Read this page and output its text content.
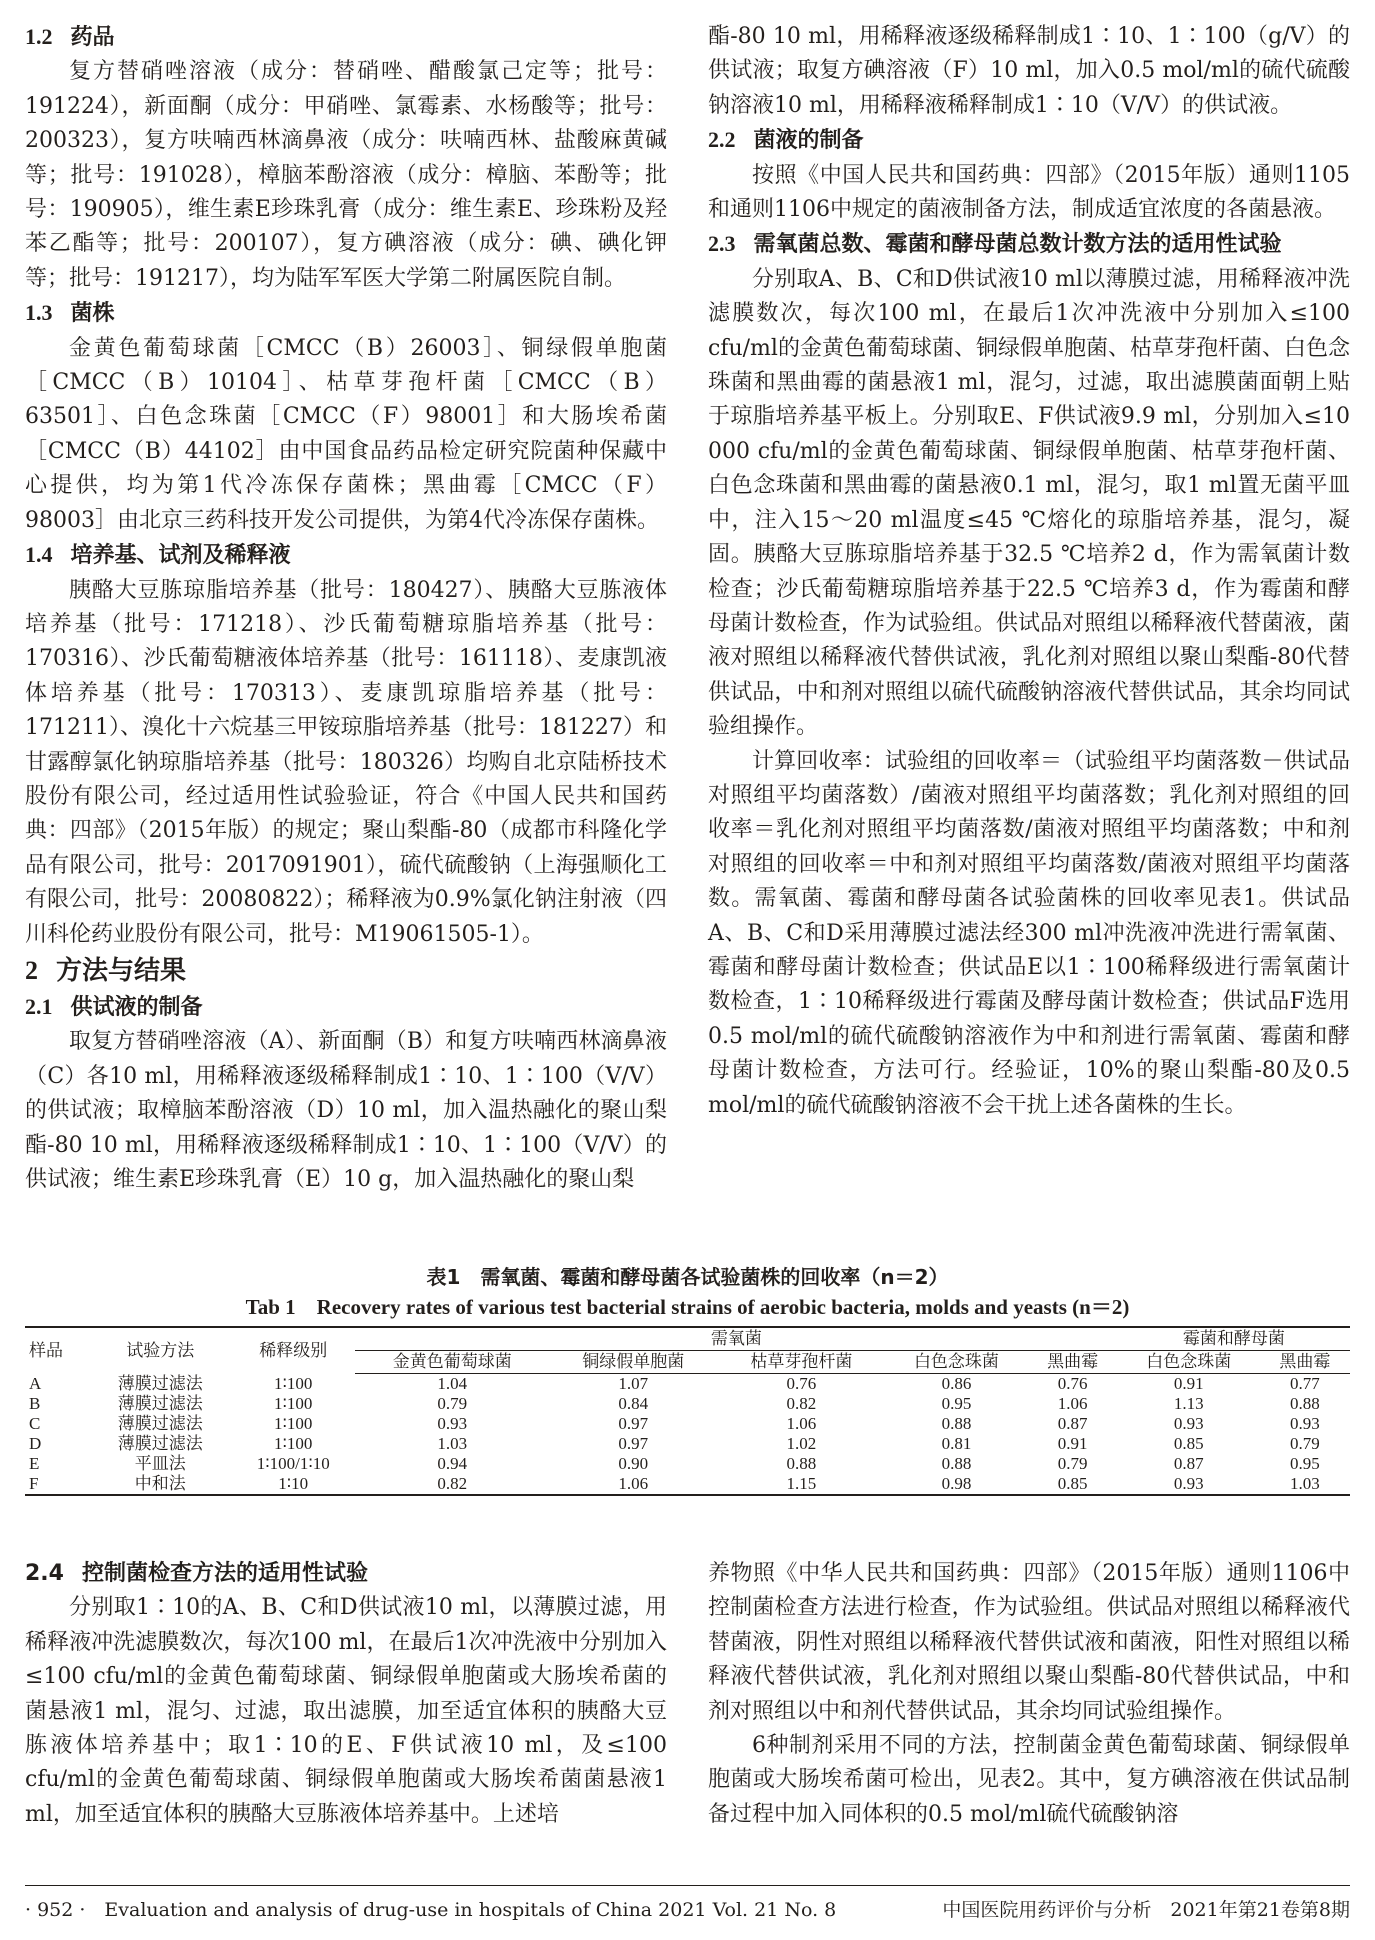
1.2 药品

复方替硝唑溶液（成分：替硝唑、醋酸氯己定等；批号：191224），新面酮（成分：甲硝唑、氯霉素、水杨酸等；批号：200323），复方呋喃西林滴鼻液（成分：呋喃西林、盐酸麻黄碱等；批号：191028），樟脑苯酚溶液（成分：樟脑、苯酚等；批号：190905），维生素E珍珠乳膏（成分：维生素E、珍珠粉及羟苯乙酯等；批号：200107），复方碘溶液（成分：碘、碘化钾等；批号：191217），均为陆军军医大学第二附属医院自制。

1.3 菌株

金黄色葡萄球菌［CMCC（B）26003］、铜绿假单胞菌［CMCC（B）10104］、枯草芽孢杆菌［CMCC（B）63501］、白色念珠菌［CMCC（F）98001］和大肠埃希菌［CMCC（B）44102］由中国食品药品检定研究院菌种保藏中心提供，均为第1代冷冻保存菌株；黑曲霉［CMCC（F）98003］由北京三药科技开发公司提供，为第4代冷冻保存菌株。

1.4 培养基、试剂及稀释液

胰酪大豆胨琼脂培养基（批号：180427）、胰酪大豆胨液体培养基（批号：171218）、沙氏葡萄糖琼脂培养基（批号：170316）、沙氏葡萄糖液体培养基（批号：161118）、麦康凯液体培养基（批号：170313）、麦康凯琼脂培养基（批号：171211）、溴化十六烷基三甲铵琼脂培养基（批号：181227）和甘露醇氯化钠琼脂培养基（批号：180326）均购自北京陆桥技术股份有限公司，经过适用性试验验证，符合《中国人民共和国药典：四部》（2015年版）的规定；聚山梨酯-80（成都市科隆化学品有限公司，批号：2017091901），硫代硫酸钠（上海强顺化工有限公司，批号：20080822）；稀释液为0.9%氯化钠注射液（四川科伦药业股份有限公司，批号：M19061505-1）。

2 方法与结果
2.1 供试液的制备

取复方替硝唑溶液（A）、新面酮（B）和复方呋喃西林滴鼻液（C）各10 ml，用稀释液逐级稀释制成1∶10、1∶100（V/V）的供试液；取樟脑苯酚溶液（D）10 ml，加入温热融化的聚山梨酯-80 10 ml，用稀释液逐级稀释制成1∶10、1∶100（V/V）的供试液；维生素E珍珠乳膏（E）10 g，加入温热融化的聚山梨

酯-80 10 ml，用稀释液逐级稀释制成1∶10、1∶100（g/V）的供试液；取复方碘溶液（F）10 ml，加入0.5 mol/ml的硫代硫酸钠溶液10 ml，用稀释液稀释制成1∶10（V/V）的供试液。

2.2 菌液的制备

按照《中国人民共和国药典：四部》（2015年版）通则1105和通则1106中规定的菌液制备方法，制成适宜浓度的各菌悬液。

2.3 需氧菌总数、霉菌和酵母菌总数计数方法的适用性试验

分别取A、B、C和D供试液10 ml以薄膜过滤，用稀释液冲洗滤膜数次，每次100 ml，在最后1次冲洗液中分别加入≤100 cfu/ml的金黄色葡萄球菌、铜绿假单胞菌、枯草芽孢杆菌、白色念珠菌和黑曲霉的菌悬液1 ml，混匀，过滤，取出滤膜菌面朝上贴于琼脂培养基平板上。分别取E、F供试液9.9 ml，分别加入≤10 000 cfu/ml的金黄色葡萄球菌、铜绿假单胞菌、枯草芽孢杆菌、白色念珠菌和黑曲霉的菌悬液0.1 ml，混匀，取1 ml置无菌平皿中，注入15～20 ml温度≤45 ℃熔化的琼脂培养基，混匀，凝固。胰酪大豆胨琼脂培养基于32.5 ℃培养2 d，作为需氧菌计数检查；沙氏葡萄糖琼脂培养基于22.5 ℃培养3 d，作为霉菌和酵母菌计数检查，作为试验组。供试品对照组以稀释液代替菌液，菌液对照组以稀释液代替供试液，乳化剂对照组以聚山梨酯-80代替供试品，中和剂对照组以硫代硫酸钠溶液代替供试品，其余均同试验组操作。

计算回收率：试验组的回收率＝（试验组平均菌落数－供试品对照组平均菌落数）/菌液对照组平均菌落数；乳化剂对照组的回收率＝乳化剂对照组平均菌落数/菌液对照组平均菌落数；中和剂对照组的回收率＝中和剂对照组平均菌落数/菌液对照组平均菌落数。需氧菌、霉菌和酵母菌各试验菌株的回收率见表1。供试品A、B、C和D采用薄膜过滤法经300 ml冲洗液冲洗进行需氧菌、霉菌和酵母菌计数检查；供试品E以1∶100稀释级进行需氧菌计数检查，1∶10稀释级进行霉菌及酵母菌计数检查；供试品F选用0.5 mol/ml的硫代硫酸钠溶液作为中和剂进行需氧菌、霉菌和酵母菌计数检查，方法可行。经验证，10%的聚山梨酯-80及0.5 mol/ml的硫代硫酸钠溶液不会干扰上述各菌株的生长。

表1　需氧菌、霉菌和酵母菌各试验菌株的回收率（n＝2）
Tab 1　Recovery rates of various test bacterial strains of aerobic bacteria, molds and yeasts (n＝2)
样品	试验方法	稀释级别	需氧菌					霉菌和酵母菌	
			金黄色葡萄球菌	铜绿假单胞菌	枯草芽孢杆菌	白色念珠菌	黑曲霉	白色念珠菌	黑曲霉
A	薄膜过滤法	1∶100	1.04	1.07	0.76	0.86	0.76	0.91	0.77
B	薄膜过滤法	1∶100	0.79	0.84	0.82	0.95	1.06	1.13	0.88
C	薄膜过滤法	1∶100	0.93	0.97	1.06	0.88	0.87	0.93	0.93
D	薄膜过滤法	1∶100	1.03	0.97	1.02	0.81	0.91	0.85	0.79
E	平皿法	1∶100/1∶10	0.94	0.90	0.88	0.88	0.79	0.87	0.95
F	中和法	1∶10	0.82	1.06	1.15	0.98	0.85	0.93	1.03
2.4 控制菌检查方法的适用性试验

分别取1∶10的A、B、C和D供试液10 ml，以薄膜过滤，用稀释液冲洗滤膜数次，每次100 ml，在最后1次冲洗液中分别加入≤100 cfu/ml的金黄色葡萄球菌、铜绿假单胞菌或大肠埃希菌的菌悬液1 ml，混匀、过滤，取出滤膜，加至适宜体积的胰酪大豆胨液体培养基中；取1∶10的E、F供试液10 ml，及≤100 cfu/ml的金黄色葡萄球菌、铜绿假单胞菌或大肠埃希菌菌悬液1 ml，加至适宜体积的胰酪大豆胨液体培养基中。上述培

养物照《中华人民共和国药典：四部》（2015年版）通则1106中控制菌检查方法进行检查，作为试验组。供试品对照组以稀释液代替菌液，阴性对照组以稀释液代替供试液和菌液，阳性对照组以稀释液代替供试液，乳化剂对照组以聚山梨酯-80代替供试品，中和剂对照组以中和剂代替供试品，其余均同试验组操作。

6种制剂采用不同的方法，控制菌金黄色葡萄球菌、铜绿假单胞菌或大肠埃希菌可检出，见表2。其中，复方碘溶液在供试品制备过程中加入同体积的0.5 mol/ml硫代硫酸钠溶

· 952 ·　Evaluation and analysis of drug-use in hospitals of China 2021 Vol. 21 No. 8	中国医院用药评价与分析　2021年第21卷第8期
